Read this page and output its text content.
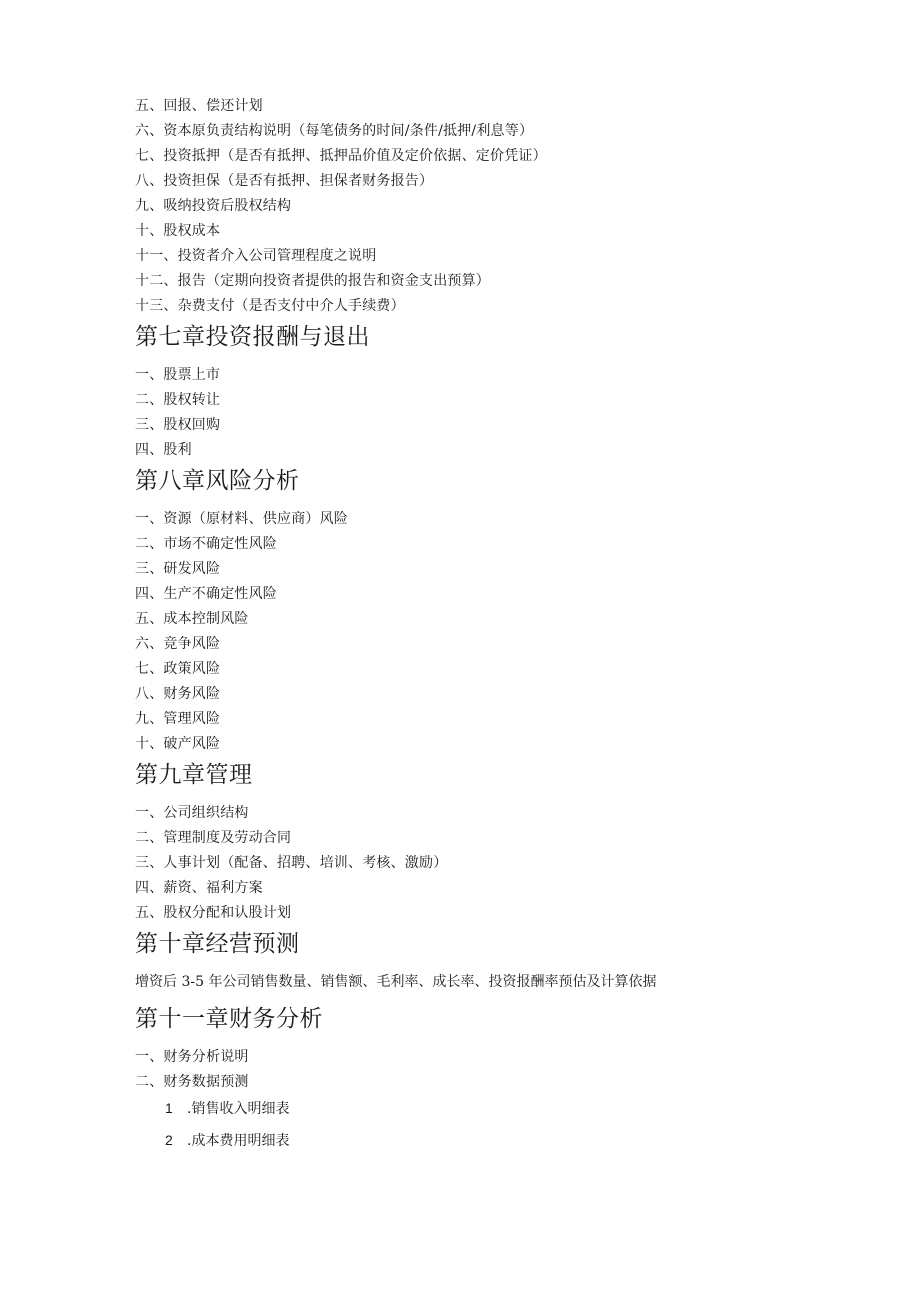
五、回报、偿还计划
六、资本原负责结构说明（每笔债务的时间/条件/抵押/利息等）
七、投资抵押（是否有抵押、抵押品价值及定价依据、定价凭证）
八、投资担保（是否有抵押、担保者财务报告）
九、吸纳投资后股权结构
十、股权成本
十一、投资者介入公司管理程度之说明
十二、报告（定期向投资者提供的报告和资金支出预算）
十三、杂费支付（是否支付中介人手续费）
第七章投资报酬与退出
一、股票上市
二、股权转让
三、股权回购
四、股利
第八章风险分析
一、资源（原材料、供应商）风险
二、市场不确定性风险
三、研发风险
四、生产不确定性风险
五、成本控制风险
六、竞争风险
七、政策风险
八、财务风险
九、管理风险
十、破产风险
第九章管理
一、公司组织结构
二、管理制度及劳动合同
三、人事计划（配备、招聘、培训、考核、激励）
四、薪资、福利方案
五、股权分配和认股计划
第十章经营预测
增资后 3-5 年公司销售数量、销售额、毛利率、成长率、投资报酬率预估及计算依据
第十一章财务分析
一、财务分析说明
二、财务数据预测
1 .销售收入明细表
2 .成本费用明细表
